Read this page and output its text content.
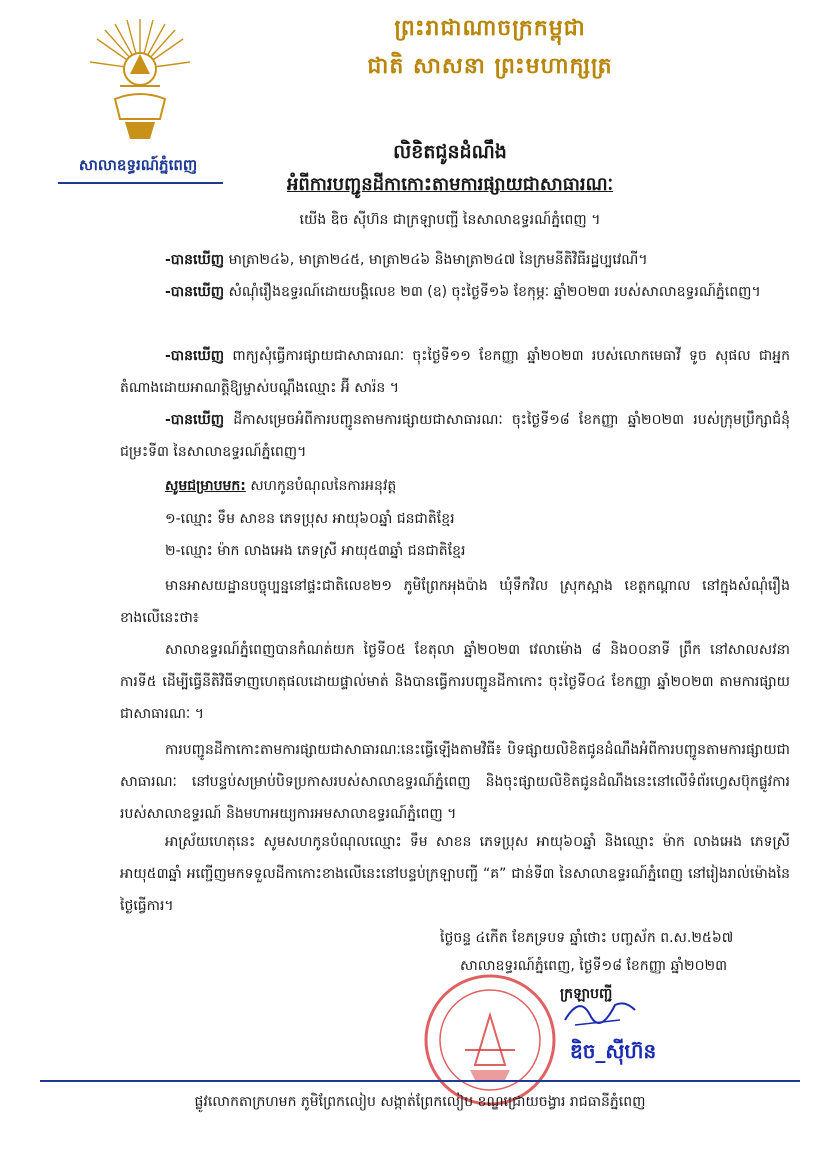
សាលាឧទ្ធរណ៍ភ្នំពេញ
ព្រះរាជាណាចក្រកម្ពុជា
ជាតិ សាសនា ព្រះមហាក្សត្រ
លិខិតជូនដំណឹង
អំពីការបញ្ជូនដីកាកោះតាមការផ្សាយជាសាធារណៈ
យើង ឌិច ស៊ីហ៊ន ជាក្រឡាបញ្ជី នៃសាលាឧទ្ធរណ៍ភ្នំពេញ ។
-បានឃើញ មាត្រា២៤៦, មាត្រា២៤៥, មាត្រា២៤៦ និងមាត្រា២៤៧ នៃក្រមនីតិវិធីរដ្ឋប្បវេណី។
-បានឃើញ សំណុំរឿងឧទ្ធរណ៍ដោយបង្គិលេខ ២៣ (ឧ) ចុះថ្ងៃទី១៦ ខែកុម្ភៈ ឆ្នាំ២០២៣ របស់សាលាឧទ្ធរណ៍ភ្នំពេញ។
-បានឃើញ ពាក្យសុំធ្វើការផ្សាយជាសាធារណៈ ចុះថ្ងៃទី១១ ខែកញ្ញា ឆ្នាំ២០២៣ របស់លោកមេធាវី ទូច សុផល ជាអ្នកតំណាងដោយអាណត្តិឱ្យម្ចាស់បណ្ដឹងឈ្មោះ អ៊ី សារ៉ន ។
-បានឃើញ ដីកាសម្រេចអំពីការបញ្ជូនតាមការផ្សាយជាសាធារណៈ ចុះថ្ងៃទី១៨ ខែកញ្ញា ឆ្នាំ២០២៣ របស់ក្រុមប្រឹក្សាជំនុំជម្រះទី៣ នៃសាលាឧទ្ធរណ៍ភ្នំពេញ។
សូមជម្រាបមក: សហកូនបំណុលនៃការអនុវត្ត
១-ឈ្មោះ ទឹម សាខន ភេទប្រុស អាយុ៦០ឆ្នាំ ជនជាតិខ្មែរ
២-ឈ្មោះ ម៉ាក លាងអេង ភេទស្រី អាយុ៥៣ឆ្នាំ ជនជាតិខ្មែរ
មានអាសយដ្ឋានបច្ចុប្បន្ននៅផ្ទះជាតិលេខ២១ ភូមិព្រែកអុងប៉ាង ឃុំទឹកវិល ស្រុកស្អាង ខេត្តកណ្ដាល នៅក្នុងសំណុំរឿងខាងលើនេះថា៖
សាលាឧទ្ធរណ៍ភ្នំពេញបានកំណត់យក ថ្ងៃទី០៥ ខែតុលា ឆ្នាំ២០២៣ វេលាម៉ោង ៨ និង០០នាទី ព្រឹក នៅសាលសវនាការទី៥ ដើម្បីធ្វើនីតិវិធីទាញហេតុផលដោយផ្ទាល់មាត់ និងបានធ្វើការបញ្ជូនដីកាកោះ ចុះថ្ងៃទី០៤ ខែកញ្ញា ឆ្នាំ២០២៣ តាមការផ្សាយជាសាធារណៈ ។
ការបញ្ជូនដីកាកោះតាមការផ្សាយជាសាធារណៈនេះធ្វើឡើងតាមវិធី៖ បិទផ្សាយលិខិតជូនដំណឹងអំពីការបញ្ជូនតាមការផ្សាយជាសាធារណៈ នៅបន្ទប់សម្រាប់បិទប្រកាសរបស់សាលាឧទ្ធរណ៍ភ្នំពេញ និងចុះផ្សាយលិខិតជូនដំណឹងនេះនៅលើទំព័រហ្វេសប៊ុកផ្លូវការរបស់សាលាឧទ្ធរណ៍ និងមហាអយ្យការអមសាលាឧទ្ធរណ៍ភ្នំពេញ ។
អាស្រ័យហេតុនេះ សូមសហកូនបំណុលឈ្មោះ ទឹម សាខន ភេទប្រុស អាយុ៦០ឆ្នាំ និងឈ្មោះ ម៉ាក លាងអេង ភេទស្រី អាយុ៥៣ឆ្នាំ អញ្ជើញមកទទួលដីកាកោះខាងលើនេះនៅបន្ទប់ក្រឡាបញ្ជី “គ” ជាន់ទី៣ នៃសាលាឧទ្ធរណ៍ភ្នំពេញ នៅរៀងរាល់ម៉ោងនៃថ្ងៃធ្វើការ។
ថ្ងៃចន្ទ ៤កើត ខែភទ្របទ ឆ្នាំថោះ បញ្ចស័ក ព.ស.២៥៦៧
សាលាឧទ្ធរណ៍ភ្នំពេញ, ថ្ងៃទី១៨ ខែកញ្ញា ឆ្នាំ២០២៣
ក្រឡាបញ្ជី
ឌិច_ស៊ីហ៊ន
ផ្លូវលោកតាក្រហមក ភូមិព្រែកលៀប សង្កាត់ព្រែកលៀប ខណ្ឌជ្រោយចង្វារ រាជធានីភ្នំពេញ
